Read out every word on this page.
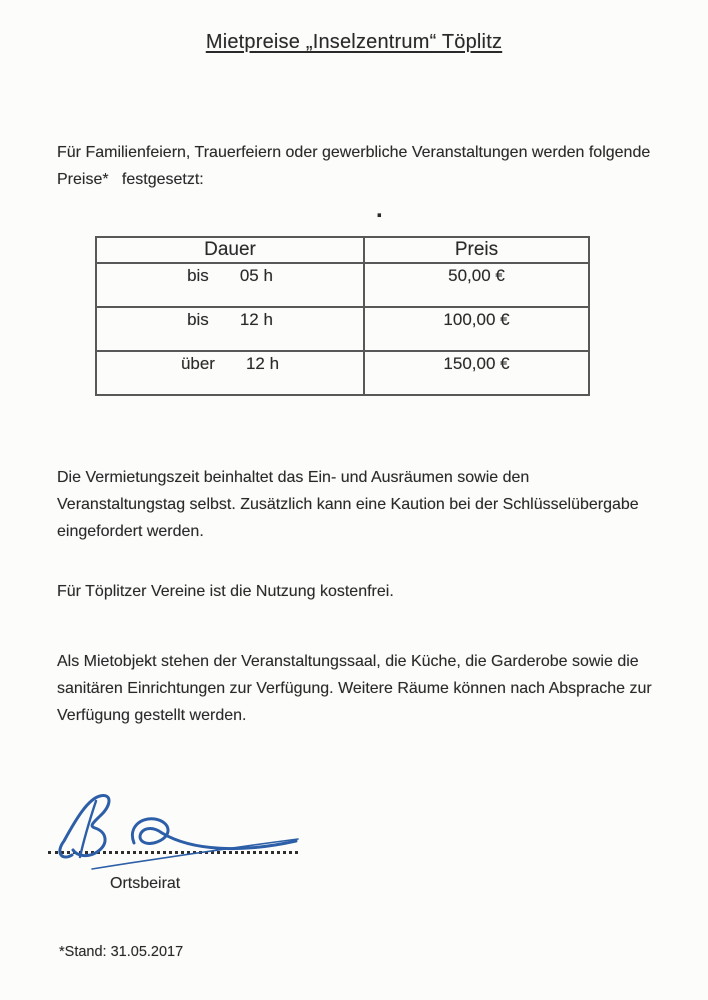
Mietpreise „Inselzentrum“ Töplitz

Für Familienfeiern, Trauerfeiern oder gewerbliche Veranstaltungen werden folgende
Preise*   festgesetzt:

.
Dauer	Preis

bis 05 h	50,00 €

bis 12 h	100,00 €

über 12 h	150,00 €

Die Vermietungszeit beinhaltet das Ein- und Ausräumen sowie den
Veranstaltungstag selbst. Zusätzlich kann eine Kaution bei der Schlüsselübergabe
eingefordert werden.

Für Töplitzer Vereine ist die Nutzung kostenfrei.

Als Mietobjekt stehen der Veranstaltungssaal, die Küche, die Garderobe sowie die
sanitären Einrichtungen zur Verfügung. Weitere Räume können nach Absprache zur
Verfügung gestellt werden.

Ortsbeirat
*Stand: 31.05.2017
